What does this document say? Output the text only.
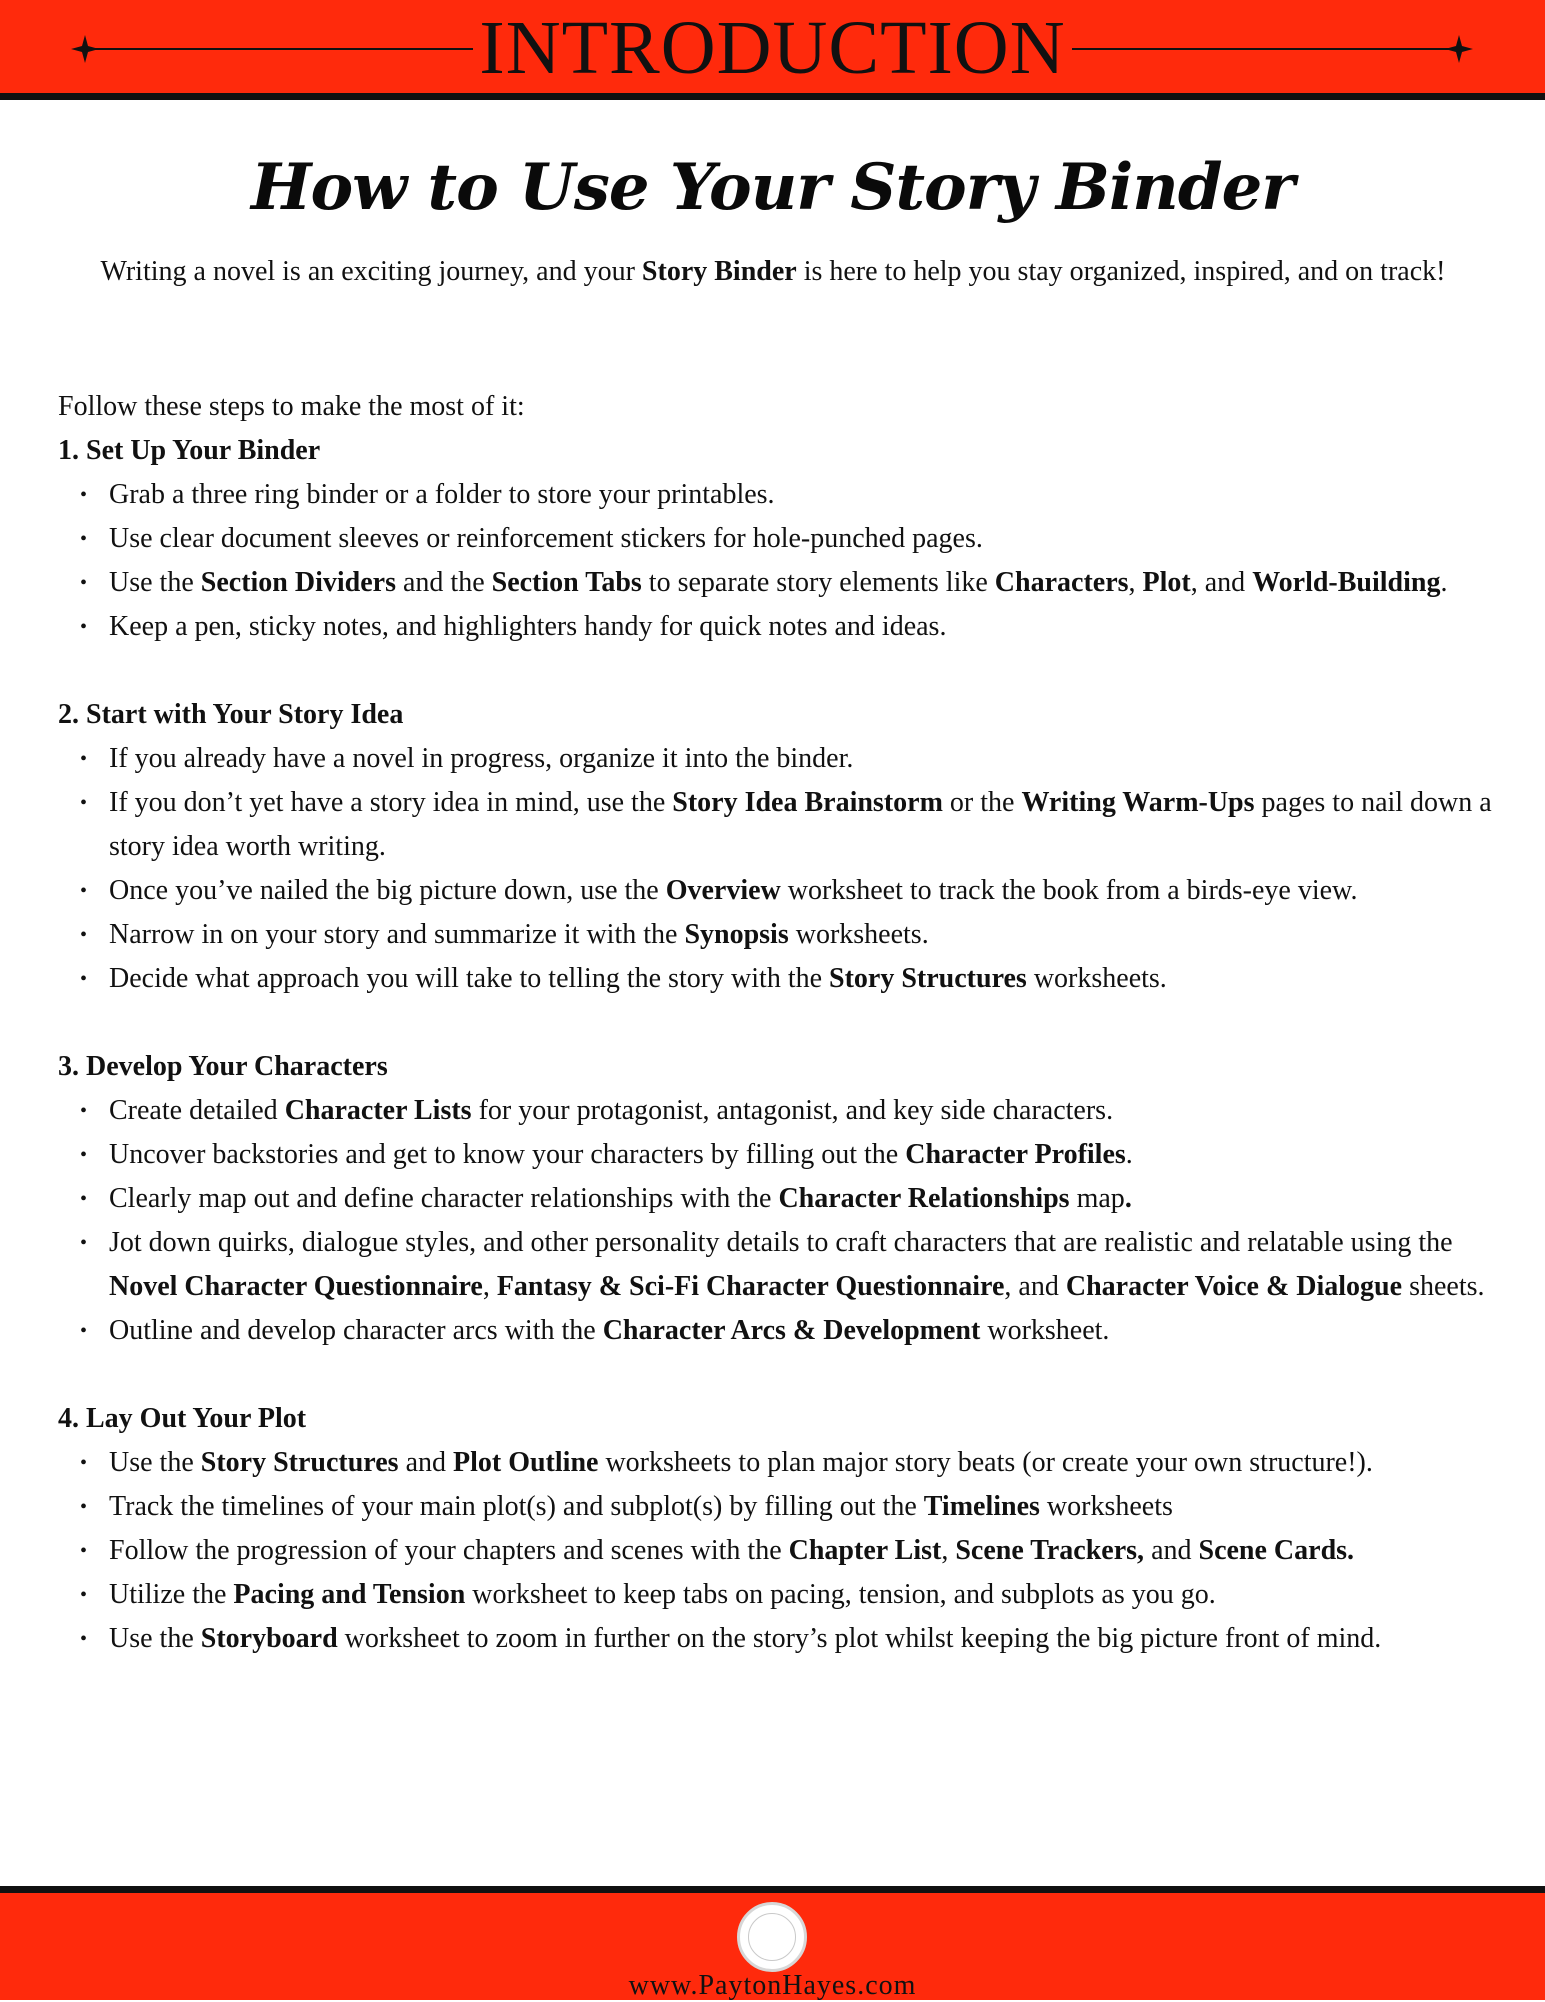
INTRODUCTION
How to Use Your Story Binder
Writing a novel is an exciting journey, and your Story Binder is here to help you stay organized, inspired, and on track!

Follow these steps to make the most of it:

1. Set Up Your Binder

• Grab a three ring binder or a folder to store your printables.
• Use clear document sleeves or reinforcement stickers for hole-punched pages.
• Use the Section Dividers and the Section Tabs to separate story elements like Characters, Plot, and World-Building.
• Keep a pen, sticky notes, and highlighters handy for quick notes and ideas.

2. Start with Your Story Idea

• If you already have a novel in progress, organize it into the binder.
• If you don’t yet have a story idea in mind, use the Story Idea Brainstorm or the Writing Warm-Ups pages to nail down a story idea worth writing.
• Once you’ve nailed the big picture down, use the Overview worksheet to track the book from a birds-eye view.
• Narrow in on your story and summarize it with the Synopsis worksheets.
• Decide what approach you will take to telling the story with the Story Structures worksheets.

3. Develop Your Characters

• Create detailed Character Lists for your protagonist, antagonist, and key side characters.
• Uncover backstories and get to know your characters by filling out the Character Profiles.
• Clearly map out and define character relationships with the Character Relationships map.
• Jot down quirks, dialogue styles, and other personality details to craft characters that are realistic and relatable using the Novel Character Questionnaire, Fantasy & Sci-Fi Character Questionnaire, and Character Voice & Dialogue sheets.
• Outline and develop character arcs with the Character Arcs & Development worksheet.

4. Lay Out Your Plot

• Use the Story Structures and Plot Outline worksheets to plan major story beats (or create your own structure!).
• Track the timelines of your main plot(s) and subplot(s) by filling out the Timelines worksheets
• Follow the progression of your chapters and scenes with the Chapter List, Scene Trackers, and Scene Cards.
• Utilize the Pacing and Tension worksheet to keep tabs on pacing, tension, and subplots as you go.
• Use the Storyboard worksheet to zoom in further on the story’s plot whilst keeping the big picture front of mind.
www.PaytonHayes.com
